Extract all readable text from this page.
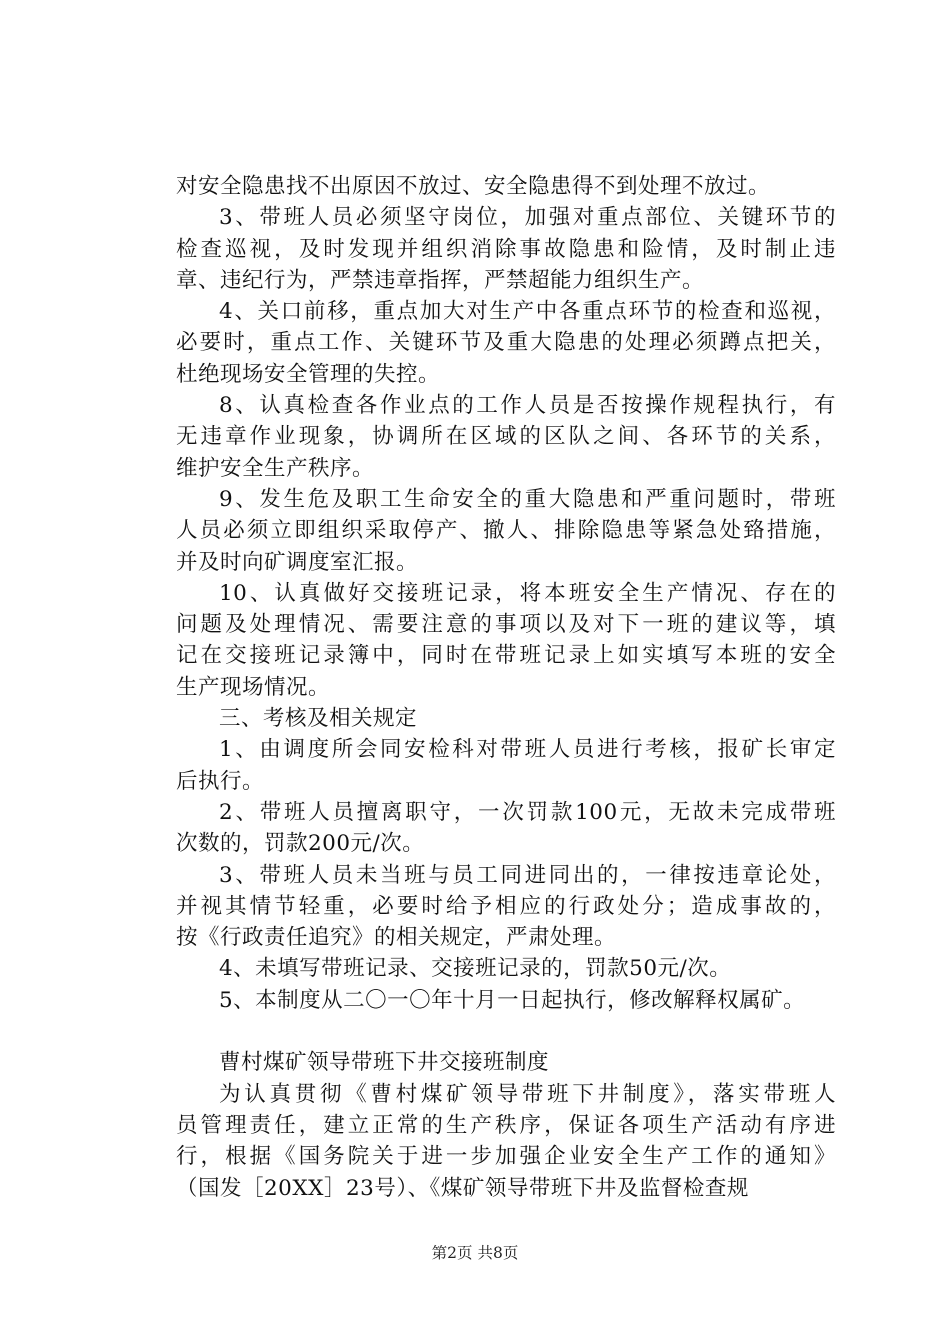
对安全隐患找不出原因不放过、安全隐患得不到处理不放过。
3、带班人员必须坚守岗位，加强对重点部位、关键环节的
检查巡视，及时发现并组织消除事故隐患和险情，及时制止违
章、违纪行为，严禁违章指挥，严禁超能力组织生产。
4、关口前移，重点加大对生产中各重点环节的检查和巡视，
必要时，重点工作、关键环节及重大隐患的处理必须蹲点把关，
杜绝现场安全管理的失控。
8、认真检查各作业点的工作人员是否按操作规程执行，有
无违章作业现象，协调所在区域的区队之间、各环节的关系，
维护安全生产秩序。
9、发生危及职工生命安全的重大隐患和严重问题时，带班
人员必须立即组织采取停产、撤人、排除隐患等紧急处臵措施，
并及时向矿调度室汇报。
10、认真做好交接班记录，将本班安全生产情况、存在的
问题及处理情况、需要注意的事项以及对下一班的建议等，填
记在交接班记录簿中，同时在带班记录上如实填写本班的安全
生产现场情况。
三、考核及相关规定
1、由调度所会同安检科对带班人员进行考核，报矿长审定
后执行。
2、带班人员擅离职守，一次罚款100元，无故未完成带班
次数的，罚款200元/次。
3、带班人员未当班与员工同进同出的，一律按违章论处，
并视其情节轻重，必要时给予相应的行政处分；造成事故的，
按《行政责任追究》的相关规定，严肃处理。
4、未填写带班记录、交接班记录的，罚款50元/次。
5、本制度从二〇一〇年十月一日起执行，修改解释权属矿。
曹村煤矿领导带班下井交接班制度
为认真贯彻《曹村煤矿领导带班下井制度》，落实带班人
员管理责任，建立正常的生产秩序，保证各项生产活动有序进
行，根据《国务院关于进一步加强企业安全生产工作的通知》
（国发［20XX］23号）、《煤矿领导带班下井及监督检查规
第2页 共8页
